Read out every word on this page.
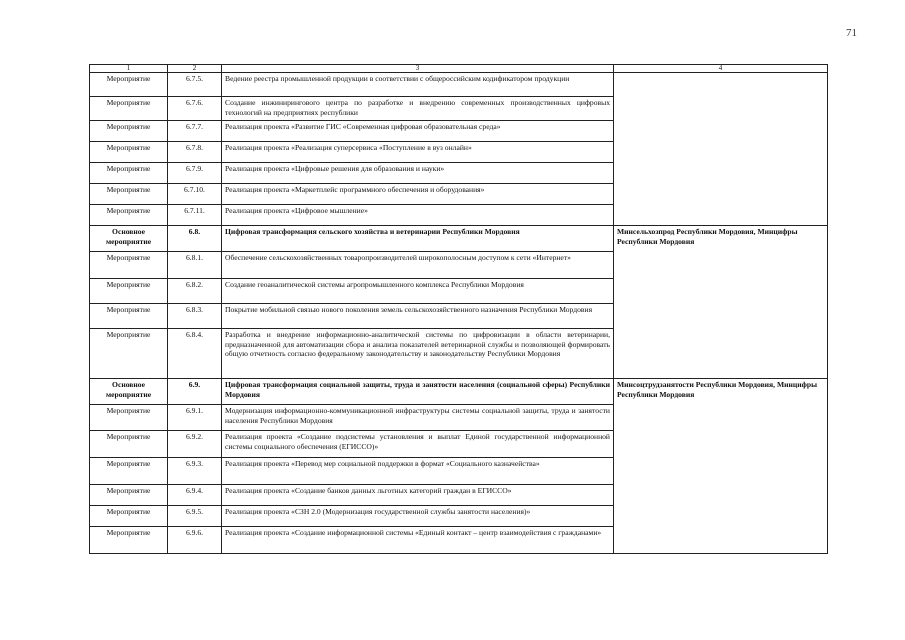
71
1	2	3	4
Мероприятие	6.7.5.	Ведение реестра промышленной продукции в соответствии с общероссийским кодификатором продукции	
Мероприятие	6.7.6.	Создание инжинирингового центра по разработке и внедрению современных производственных цифровых технологий на предприятиях республики	
Мероприятие	6.7.7.	Реализация проекта «Развитие ГИС «Современная цифровая образовательная среда»	
Мероприятие	6.7.8.	Реализация проекта «Реализация суперсервиса «Поступление в вуз онлайн»	
Мероприятие	6.7.9.	Реализация проекта «Цифровые решения для образования и науки»	
Мероприятие	6.7.10.	Реализация проекта «Маркетплейс программного обеспечения и оборудования»	
Мероприятие	6.7.11.	Реализация проекта «Цифровое мышление»	
Основное мероприятие	6.8.	Цифровая трансформация сельского хозяйства и ветеринарии Республики Мордовия	Минсельхозпрод Республики Мордовия, Минцифры Республики Мордовия
Мероприятие	6.8.1.	Обеспечение сельскохозяйственных товаропроизводителей широкополосным доступом к сети «Интернет»	
Мероприятие	6.8.2.	Создание геоаналитической системы агропромышленного комплекса Республики Мордовия	
Мероприятие	6.8.3.	Покрытие мобильной связью нового поколения земель сельскохозяйственного назначения Республики Мордовия	
Мероприятие	6.8.4.	Разработка и внедрение информационно-аналитической системы по цифровизации в области ветеринарии, предназначенной для автоматизации сбора и анализа показателей ветеринарной службы и позволяющей формировать общую отчетность согласно федеральному законодательству и законодательству Республики Мордовия	
Основное мероприятие	6.9.	Цифровая трансформация социальной защиты, труда и занятости населения (социальной сферы) Республики Мордовия	Минсоцтрудзанятости Республики Мордовия, Минцифры Республики Мордовия
Мероприятие	6.9.1.	Модернизация информационно-коммуникационной инфраструктуры системы социальной защиты, труда и занятости населения Республики Мордовия	
Мероприятие	6.9.2.	Реализация проекта «Создание подсистемы установления и выплат Единой государственной информационной системы социального обеспечения (ЕГИССО)»	
Мероприятие	6.9.3.	Реализация проекта «Перевод мер социальной поддержки в формат «Социального казначейства»	
Мероприятие	6.9.4.	Реализация проекта «Создание банков данных льготных категорий граждан в ЕГИССО»	
Мероприятие	6.9.5.	Реализация проекта «СЗН 2.0 (Модернизация государственной службы занятости населения)»	
Мероприятие	6.9.6.	Реализация проекта «Создание информационной системы «Единый контакт – центр взаимодействия с гражданами»	
